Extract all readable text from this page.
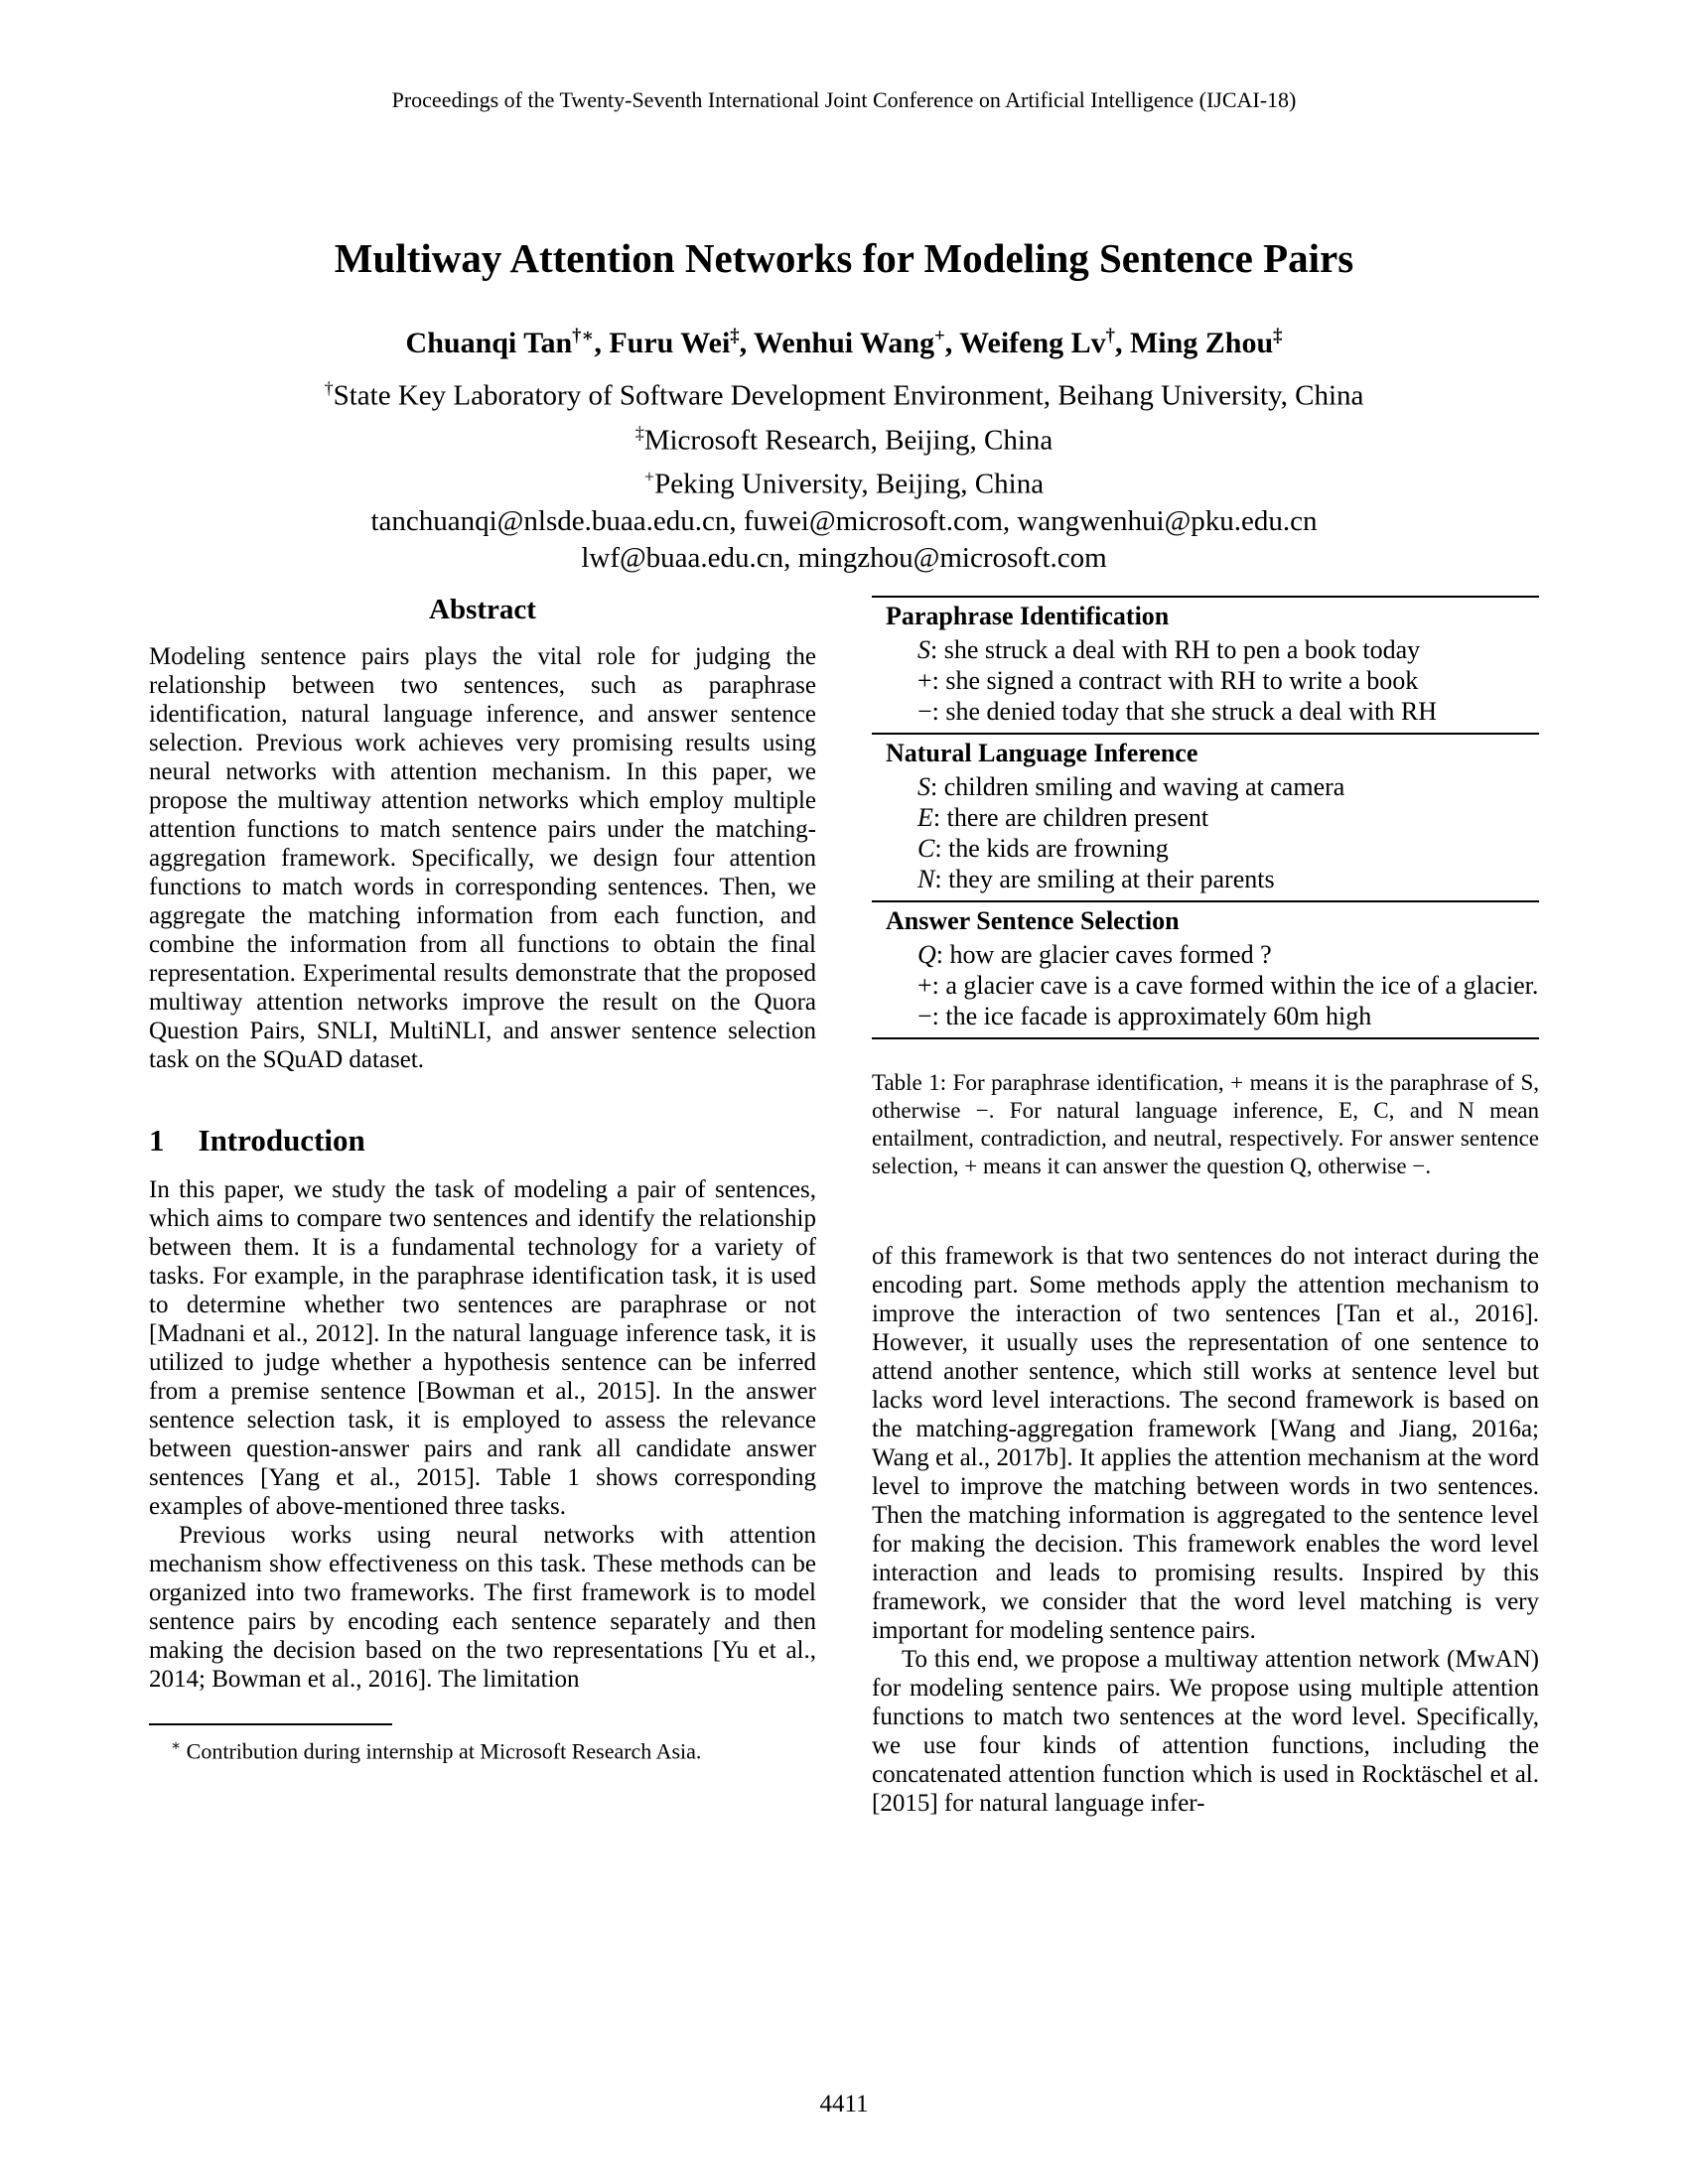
Proceedings of the Twenty-Seventh International Joint Conference on Artificial Intelligence (IJCAI-18)
Multiway Attention Networks for Modeling Sentence Pairs
Chuanqi Tan†∗, Furu Wei‡, Wenhui Wang+, Weifeng Lv†, Ming Zhou‡
†State Key Laboratory of Software Development Environment, Beihang University, China
‡Microsoft Research, Beijing, China
+Peking University, Beijing, China
tanchuanqi@nlsde.buaa.edu.cn, fuwei@microsoft.com, wangwenhui@pku.edu.cn
lwf@buaa.edu.cn, mingzhou@microsoft.com
Abstract

Modeling sentence pairs plays the vital role for judging the relationship between two sentences, such as paraphrase identification, natural language inference, and answer sentence selection. Previous work achieves very promising results using neural networks with attention mechanism. In this paper, we propose the multiway attention networks which employ multiple attention functions to match sentence pairs under the matching-aggregation framework. Specifically, we design four attention functions to match words in corresponding sentences. Then, we aggregate the matching information from each function, and combine the information from all functions to obtain the final representation. Experimental results demonstrate that the proposed multiway attention networks improve the result on the Quora Question Pairs, SNLI, MultiNLI, and answer sentence selection task on the SQuAD dataset.

1 Introduction

In this paper, we study the task of modeling a pair of sentences, which aims to compare two sentences and identify the relationship between them. It is a fundamental technology for a variety of tasks. For example, in the paraphrase identification task, it is used to determine whether two sentences are paraphrase or not [Madnani et al., 2012]. In the natural language inference task, it is utilized to judge whether a hypothesis sentence can be inferred from a premise sentence [Bowman et al., 2015]. In the answer sentence selection task, it is employed to assess the relevance between question-answer pairs and rank all candidate answer sentences [Yang et al., 2015]. Table 1 shows corresponding examples of above-mentioned three tasks.

Previous works using neural networks with attention mechanism show effectiveness on this task. These methods can be organized into two frameworks. The first framework is to model sentence pairs by encoding each sentence separately and then making the decision based on the two representations [Yu et al., 2014; Bowman et al., 2016]. The limitation

∗ Contribution during internship at Microsoft Research Asia.

Paraphrase Identification
S: she struck a deal with RH to pen a book today
+: she signed a contract with RH to write a book
−: she denied today that she struck a deal with RH
Natural Language Inference
S: children smiling and waving at camera
E: there are children present
C: the kids are frowning
N: they are smiling at their parents
Answer Sentence Selection
Q: how are glacier caves formed ?
+: a glacier cave is a cave formed within the ice of a glacier.
−: the ice facade is approximately 60m high

Table 1: For paraphrase identification, + means it is the paraphrase of S, otherwise −. For natural language inference, E, C, and N mean entailment, contradiction, and neutral, respectively. For answer sentence selection, + means it can answer the question Q, otherwise −.

of this framework is that two sentences do not interact during the encoding part. Some methods apply the attention mechanism to improve the interaction of two sentences [Tan et al., 2016]. However, it usually uses the representation of one sentence to attend another sentence, which still works at sentence level but lacks word level interactions. The second framework is based on the matching-aggregation framework [Wang and Jiang, 2016a; Wang et al., 2017b]. It applies the attention mechanism at the word level to improve the matching between words in two sentences. Then the matching information is aggregated to the sentence level for making the decision. This framework enables the word level interaction and leads to promising results. Inspired by this framework, we consider that the word level matching is very important for modeling sentence pairs.

To this end, we propose a multiway attention network (MwAN) for modeling sentence pairs. We propose using multiple attention functions to match two sentences at the word level. Specifically, we use four kinds of attention functions, including the concatenated attention function which is used in Rocktäschel et al. [2015] for natural language infer-

4411
